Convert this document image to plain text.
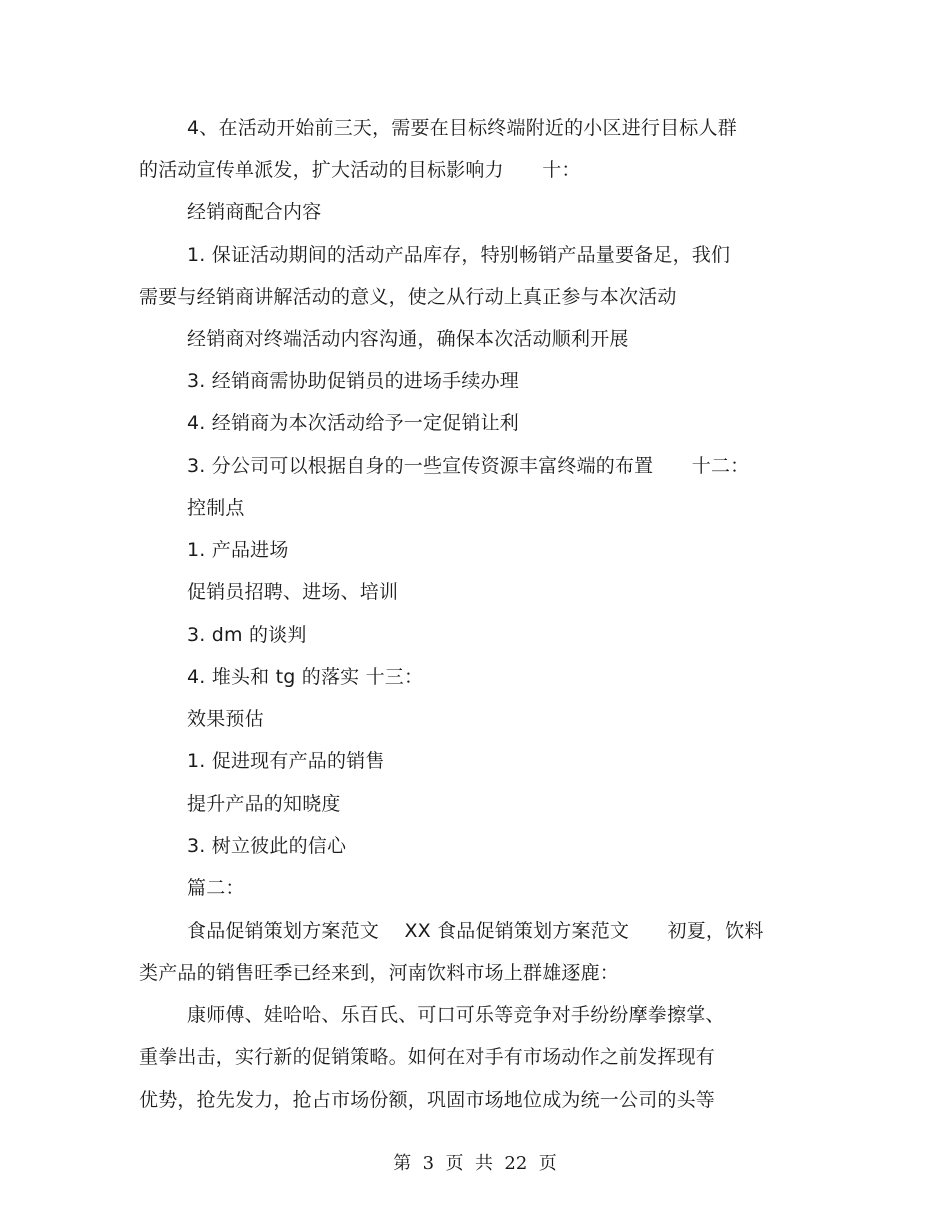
4、在活动开始前三天，需要在目标终端附近的小区进行目标人群
的活动宣传单派发，扩大活动的目标影响力　　十：
经销商配合内容
1. 保证活动期间的活动产品库存，特别畅销产品量要备足，我们
需要与经销商讲解活动的意义，使之从行动上真正参与本次活动
经销商对终端活动内容沟通，确保本次活动顺利开展
3. 经销商需协助促销员的进场手续办理
4. 经销商为本次活动给予一定促销让利
3. 分公司可以根据自身的一些宣传资源丰富终端的布置　　十二：
控制点
1. 产品进场
促销员招聘、进场、培训
3. dm 的谈判
4. 堆头和 tg 的落实 十三：
效果预估
1. 促进现有产品的销售
提升产品的知晓度
3. 树立彼此的信心
篇二：
食品促销策划方案范文　 XX 食品促销策划方案范文　　初夏，饮料
类产品的销售旺季已经来到，河南饮料市场上群雄逐鹿：
康师傅、娃哈哈、乐百氏、可口可乐等竞争对手纷纷摩拳擦掌、
重拳出击，实行新的促销策略。如何在对手有市场动作之前发挥现有
优势，抢先发力，抢占市场份额，巩固市场地位成为统一公司的头等
第  3  页  共  22  页
